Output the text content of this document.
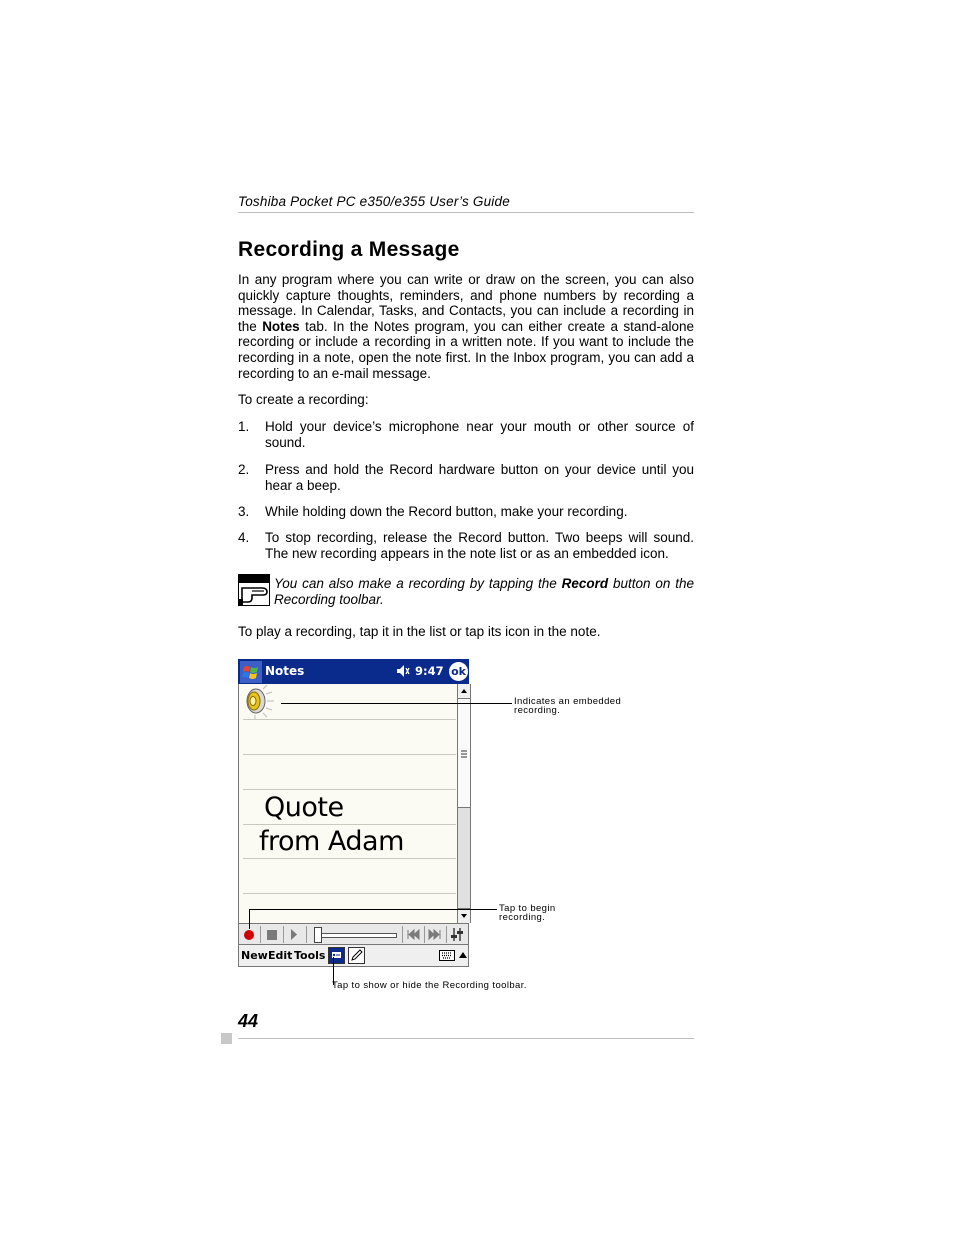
Toshiba Pocket PC e350/e355 User’s Guide
Recording a Message

In any program where you can write or draw on the screen, you can also quickly capture thoughts, reminders, and phone numbers by recording a message. In Calendar, Tasks, and Contacts, you can include a recording in the Notes tab. In the Notes program, you can either create a stand-alone recording or include a recording in a written note. If you want to include the recording in a note, open the note first. In the Inbox program, you can add a recording to an e-mail message.

To create a recording:

1. Hold your device’s microphone near your mouth or other source of sound.
2. Press and hold the Record hardware button on your device until you hear a beep.
3. While holding down the Record button, make your recording.
4. To stop recording, release the Record button. Two beeps will sound. The new recording appears in the note list or as an embedded icon.
You can also make a recording by tapping the Record button on the Recording toolbar.

To play a recording, tap it in the list or tap its icon in the note.

Notes	9:47 ok
Quote
from Adam
New Edit Tools
Indicates an embedded recording.
Tap to begin recording.
Tap to show or hide the Recording toolbar.
44
